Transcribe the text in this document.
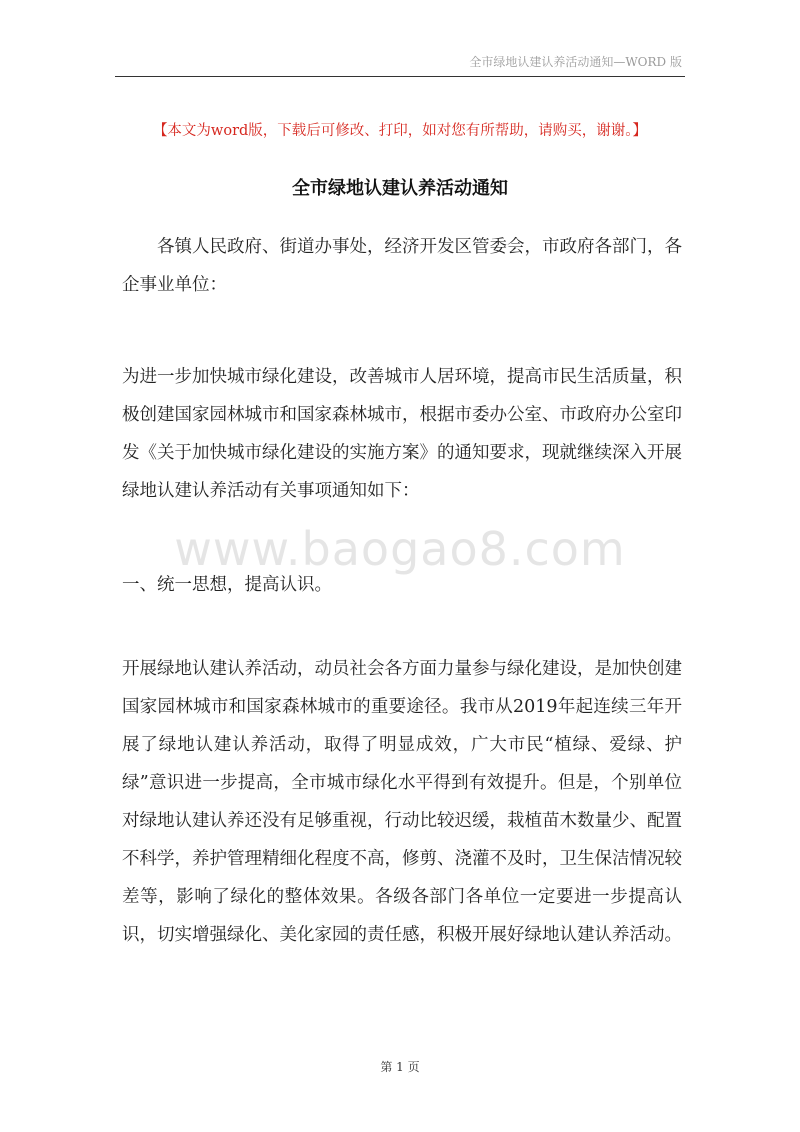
全市绿地认建认养活动通知—WORD 版
【本文为word版，下载后可修改、打印，如对您有所帮助，请购买，谢谢。】
全市绿地认建认养活动通知
各镇人民政府、街道办事处，经济开发区管委会，市政府各部门，各企事业单位：
为进一步加快城市绿化建设，改善城市人居环境，提高市民生活质量，积极创建国家园林城市和国家森林城市，根据市委办公室、市政府办公室印发《关于加快城市绿化建设的实施方案》的通知要求，现就继续深入开展绿地认建认养活动有关事项通知如下：
www.baogao8.com
一、统一思想，提高认识。
开展绿地认建认养活动，动员社会各方面力量参与绿化建设，是加快创建国家园林城市和国家森林城市的重要途径。我市从2019年起连续三年开展了绿地认建认养活动，取得了明显成效，广大市民“植绿、爱绿、护绿”意识进一步提高，全市城市绿化水平得到有效提升。但是，个别单位对绿地认建认养还没有足够重视，行动比较迟缓，栽植苗木数量少、配置不科学，养护管理精细化程度不高，修剪、浇灌不及时，卫生保洁情况较差等，影响了绿化的整体效果。各级各部门各单位一定要进一步提高认识，切实增强绿化、美化家园的责任感，积极开展好绿地认建认养活动。
第 1 页
